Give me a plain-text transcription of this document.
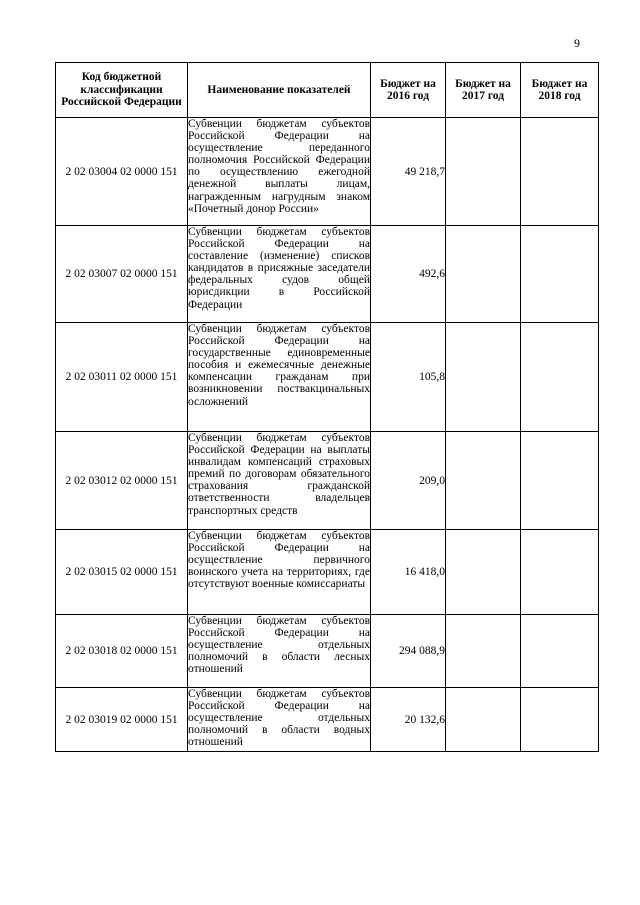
9
Код бюджетной классификации Российской Федерации	Наименование показателей	Бюджет на 2016 год	Бюджет на 2017 год	Бюджет на 2018 год
2 02 03004 02 0000 151	Субвенции бюджетам субъектов Российской Федерации на осуществление переданного полномочия Российской Федерации по осуществлению ежегодной денежной выплаты лицам, награжденным нагрудным знаком «Почетный донор России»	49 218,7		
2 02 03007 02 0000 151	Субвенции бюджетам субъектов Российской Федерации на составление (изменение) списков кандидатов в присяжные заседатели федеральных судов общей юрисдикции в Российской Федерации	492,6		
2 02 03011 02 0000 151	Субвенции бюджетам субъектов Российской Федерации на государственные единовременные пособия и ежемесячные денежные компенсации гражданам при возникновении поствакцинальных осложнений	105,8		
2 02 03012 02 0000 151	Субвенции бюджетам субъектов Российской Федерации на выплаты инвалидам компенсаций страховых премий по договорам обязательного страхования гражданской ответственности владельцев транспортных средств	209,0		
2 02 03015 02 0000 151	Субвенции бюджетам субъектов Российской Федерации на осуществление первичного воинского учета на территориях, где отсутствуют военные комиссариаты	16 418,0		
2 02 03018 02 0000 151	Субвенции бюджетам субъектов Российской Федерации на осуществление отдельных полномочий в области лесных отношений	294 088,9		
2 02 03019 02 0000 151	Субвенции бюджетам субъектов Российской Федерации на осуществление отдельных полномочий в области водных отношений	20 132,6		
